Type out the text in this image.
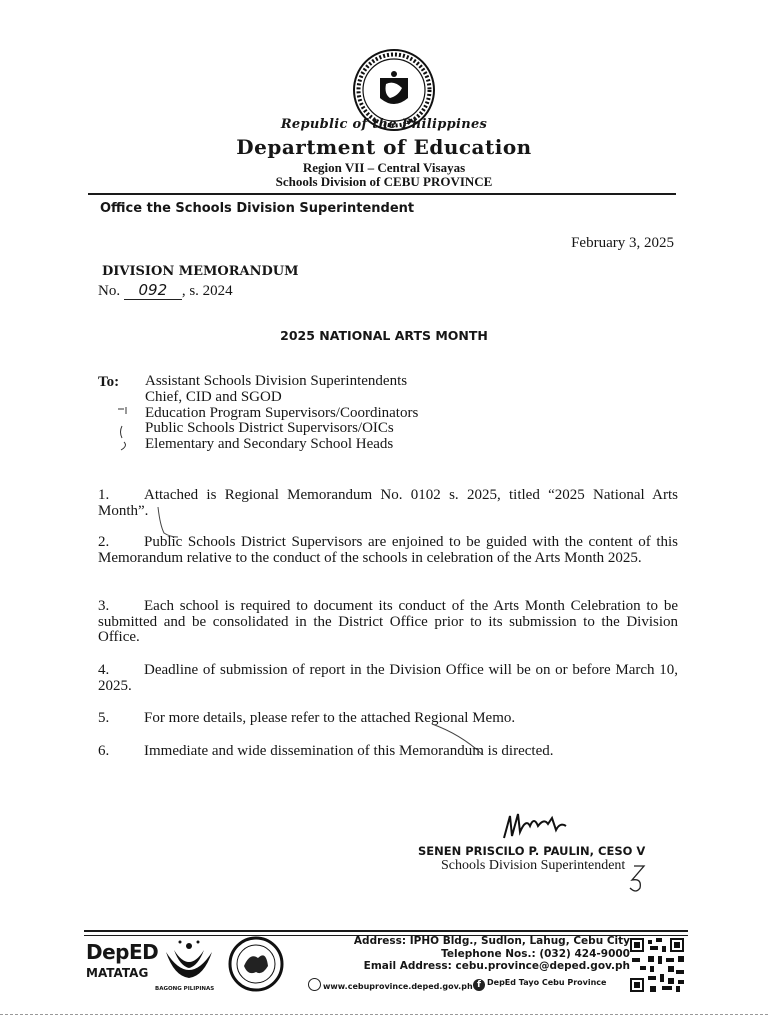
Republic of the Philippines
Department of Education
Region VII – Central Visayas
Schools Division of CEBU PROVINCE
Office the Schools Division Superintendent
February 3, 2025
DIVISION MEMORANDUM
No. 092 , s. 2024
2025 NATIONAL ARTS MONTH
To: Assistant Schools Division Superintendents
Chief, CID and SGOD
Education Program Supervisors/Coordinators
Public Schools District Supervisors/OICs
Elementary and Secondary School Heads
1. Attached is Regional Memorandum No. 0102 s. 2025, titled “2025 National Arts Month”.
2. Public Schools District Supervisors are enjoined to be guided with the content of this Memorandum relative to the conduct of the schools in celebration of the Arts Month 2025.
3. Each school is required to document its conduct of the Arts Month Celebration to be submitted and be consolidated in the District Office prior to its submission to the Division Office.
4. Deadline of submission of report in the Division Office will be on or before March 10, 2025.
5. For more details, please refer to the attached Regional Memo.
6. Immediate and wide dissemination of this Memorandum is directed.
SENEN PRISCILO P. PAULIN, CESO V
Schools Division Superintendent
DepED
MATATAG
BAGONG PILIPINAS
Address: IPHO Bldg., Sudlon, Lahug, Cebu City
Telephone Nos.: (032) 424-9000
Email Address: cebu.province@deped.gov.ph
www.cebuprovince.deped.gov.ph f DepEd Tayo Cebu Province
